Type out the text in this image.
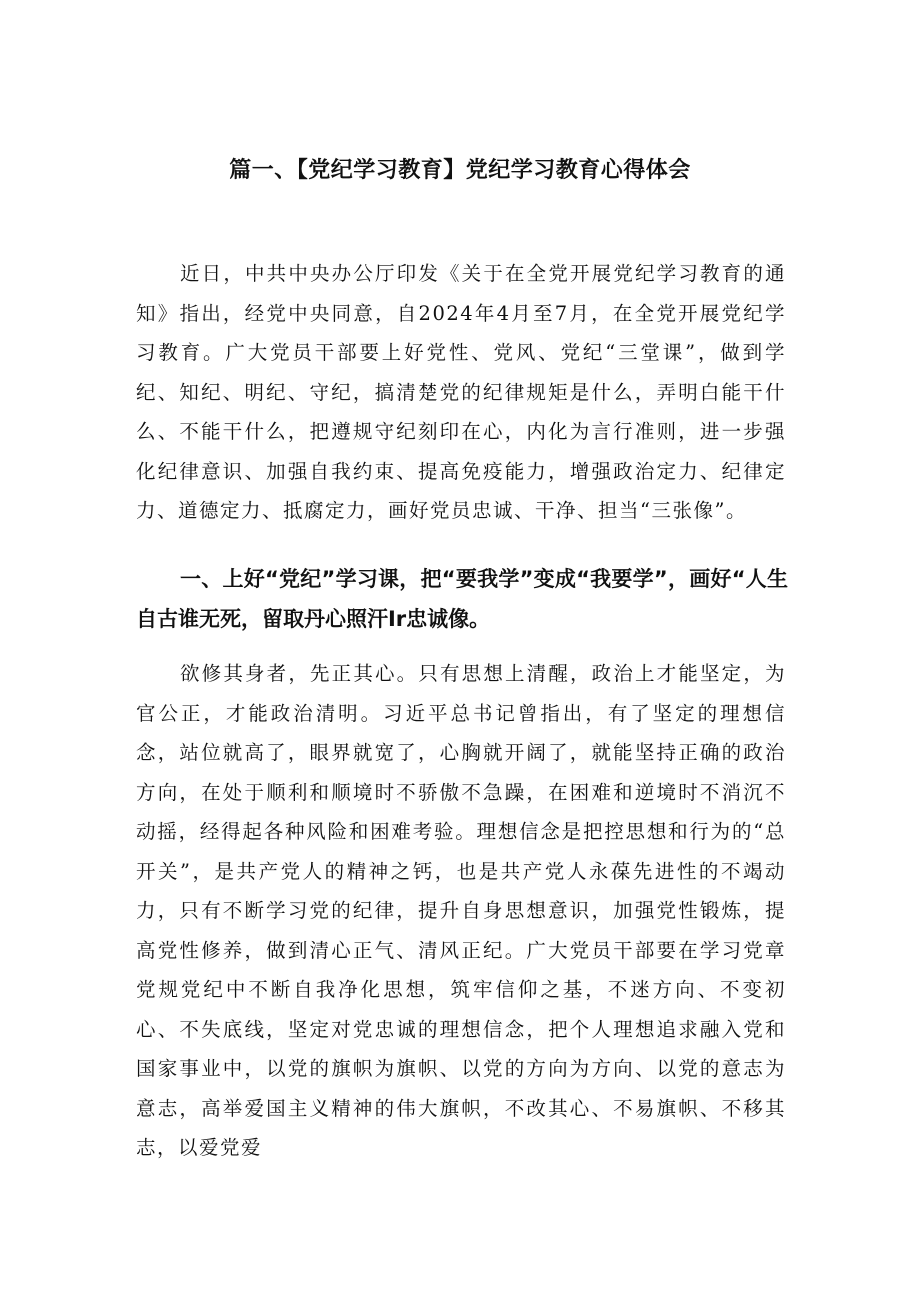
篇一、【党纪学习教育】党纪学习教育心得体会

近日，中共中央办公厅印发《关于在全党开展党纪学习教育的通知》指出，经党中央同意，自2024年4月至7月，在全党开展党纪学习教育。广大党员干部要上好党性、党风、党纪“三堂课”，做到学纪、知纪、明纪、守纪，搞清楚党的纪律规矩是什么，弄明白能干什么、不能干什么，把遵规守纪刻印在心，内化为言行准则，进一步强化纪律意识、加强自我约束、提高免疫能力，增强政治定力、纪律定力、道德定力、抵腐定力，画好党员忠诚、干净、担当“三张像”。

一、上好“党纪”学习课，把“要我学”变成“我要学”，画好“人生自古谁无死，留取丹心照汗Ir忠诚像。

欲修其身者，先正其心。只有思想上清醒，政治上才能坚定，为官公正，才能政治清明。习近平总书记曾指出，有了坚定的理想信念，站位就高了，眼界就宽了，心胸就开阔了，就能坚持正确的政治方向，在处于顺利和顺境时不骄傲不急躁，在困难和逆境时不消沉不动摇，经得起各种风险和困难考验。理想信念是把控思想和行为的“总开关”，是共产党人的精神之钙，也是共产党人永葆先进性的不竭动力，只有不断学习党的纪律，提升自身思想意识，加强党性锻炼，提高党性修养，做到清心正气、清风正纪。广大党员干部要在学习党章党规党纪中不断自我净化思想，筑牢信仰之基，不迷方向、不变初心、不失底线，坚定对党忠诚的理想信念，把个人理想追求融入党和国家事业中，以党的旗帜为旗帜、以党的方向为方向、以党的意志为意志，高举爱国主义精神的伟大旗帜，不改其心、不易旗帜、不移其志，以爱党爱
